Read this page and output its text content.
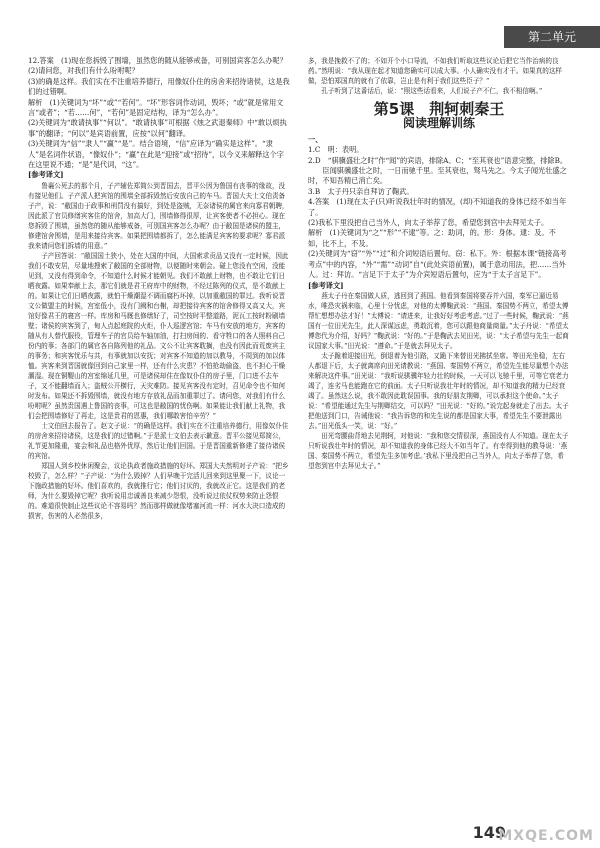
第二单元

12.答案　(1)现在您拆毁了围墙，虽然您的随从能够戒备，可别国宾客怎么办呢？

(2)请问您，对我们有什么吩咐呢？

(3)的确是这样。我们实在不注重培养德行，用像奴仆住的房舍来招待诸侯，这是我们的过错啊。

解析　(1)关键词为“坏”“或”“若何”。“坏”形容词作动词，毁坏；“或”就是常用文言“或者”；“若……何”，“若何”是固定结构，译为“怎么办”。

(2)关键词为“敢请执事”“何以”。“敢请执事”可根据《烛之武退秦师》中“敢以烦执事”的翻译；“何以”是宾语前置，应按“以何”翻译。

(3)关键词为“信”“隶人”“赢”“是”。结合语境，“信”应译为“确实是这样”。“隶人”是名词作状语，“像奴仆”；“赢”在此是“迎接”或“招待”，以今义来解释这个字在这里说不通；“是”是代词，“这”。

[参考译文]

鲁襄公死去的那个月，子产辅佐郑简公到晋国去，晋平公因为鲁国有丧事的缘故，没有接见他们。子产派人把宾馆的围墙全部拆毁然后安放自己的车马。晋国大夫士文伯责备子产，说：“敝国由于政事和刑罚没有搞好，到处是盗贼，无奈诸侯的属官来向寡君朝聘，因此派了官员修缮宾客住的馆舍，加高大门，围墙修得很厚，让宾客使者不必担心。现在您拆毁了围墙，虽然您的随从能够戒备，可别国宾客怎么办呢？由于敝国是诸侯的盟主，修建馆舍围墙，是用来接待宾客。如果把围墙都拆了，怎么能满足宾客的要求呢？寡君派我来请问您们拆墙的用意。”

子产回答说：“敝国国土狭小，处在大国的中间，大国索求贡品又没有一定时候，因此我们不敢安居，尽量地搜索了敝国的全部财物，以便随时来朝会。碰上您没有空闲，没能见到，又没有得到命令，不知道什么时候才能朝见。我们不敢献上财物，也不敢让它们日晒夜露。如果奉献上去，那它们就是君王府库中的财物，不经过陈列的仪式，是不敢献上的。如果让它们日晒夜露，就怕干燥潮湿不调而腐朽坏掉，以加重敝国的罪过。我听说晋文公做盟主的时候，宫室低小，没有门阙和台榭，却把接待宾客的馆舍修得又高又大，宾馆好像君王的寝宫一样。库房和马厩也修缮好了，司空按时平整道路，泥瓦工按时粉刷墙壁；诸侯的宾客到了，甸人点起庭院的火炬，仆人巡逻宫馆；车马有安放的地方，宾客的随从有人替代服役，管理车子的官员给车轴加油，打扫房间的、看守牲口的各人照料自己份内的事；各部门的属官各自陈列他的礼品。文公不让宾客耽搁，也没有因此而荒废宾主的事务；和宾客忧乐与共，有事就加以安抚；对宾客不知道的加以教导，不周到的加以体恤。宾客来到晋国就像回到自己家里一样，还有什么灾患？不怕抢劫偷盗，也不担心干燥潮湿。现在铜鞮山的宫室绵延几里，可是诸侯却住在像奴仆住的房子里，门口进不去车子，又不能翻墙而入；盗贼公开横行，天灾难防。接见宾客没有定时，召见命令也不知何时发布。如果还不拆毁围墙，就没有地方存放礼品而加重罪过了。请问您，对我们有什么吩咐呢？虽然贵国遇上鲁国的丧事，可这也是敝国的忧伤啊。如果能让我们献上礼物，我们会把围墙修好了再走，这是贵君的恩惠，我们哪敢害怕辛劳？”

士文伯回去报告了。赵文子说：“的确是这样。我们实在不注重培养德行，用像奴仆住的房舍来招待诸侯，这是我们的过错啊。”于是派士文伯去表示歉意。晋平公接见郑简公，礼节更加隆重，宴会和礼品也格外优厚，然后让他们回国。于是晋国重新修建了接待诸侯的宾馆。

郑国人到乡校休闲聚会，议论执政者施政措施的好坏。郑国大夫然明对子产说：“把乡校毁了，怎么样？”子产说：“为什么毁掉？人们早晚干完活儿回来到这里聚一下，议论一下施政措施的好坏。他们喜欢的，我就推行它；他们讨厌的，我就改正它。这是我们的老师，为什么要毁掉它呢？我听说用忠诚善良来减少怨恨，没听说过依仗权势来防止怨恨的。难道很快制止这些议论不容易吗？然而那样做就像堵塞河流一样：河水大决口造成的损害，伤害的人必然很多，

多，我是挽救不了的；不如开个小口导流，不如我们听取这些议论后把它当作治病的良药。”然明说：“我从现在起才知道您确实可以成大事。小人确实没有才干。如果真的这样做，恐怕郑国真的就有了依靠，岂止是有利于我们这些臣子？”

孔子听到了这番话后，说：“照这些话看来，人们说子产不仁，我不相信啊。”

第5课　荆轲刺秦王
阅读理解训练

一、

1.C　明：表明。

2.D　“骐骥盛壮之时”作“闻”的宾语，排除A、C；“至其衰也”语意完整，排除B。

臣闻骐骥盛壮之时，一日而驰千里。至其衰也，驽马先之。今太子闻光壮盛之时，不知吾精已消亡矣。

3.B　太子丹只亲自拜访了鞠武。

4.答案　(1)现在太子(只)听说我壮年时的情况，(却)不知道我的身体已经不如当年了。

(2)我私下里没把自己当外人，向太子举荐了您，希望您到宫中去拜见太子。

解析　(1)关键词为“之”“形”“不逮”等。之：助词，的。形：身体。逮：及。不如，比不上，不及。

(2)关键词为“窃”“外”“过”和介词短语后置句。窃：私下。外：根据本课“链接高考考点”中的内容，“外”“需”“动词”自“(此处宾语前置)，属于意动用法，把……当外人。过：拜访。“言足下于太子”为介宾短语后置句，应为“于太子言足下”。

[参考译文]

燕太子丹在秦国做人质，逃回到了燕国。他看到秦国将要吞并六国，秦军已逼近易水，唯恐灾祸来临，心里十分忧虑，对他的太傅鞠武说：“燕国、秦国势不两立，希望太傅帮忙想想办法才好！”太傅说：“请进来，让我好好考虑考虑。”过了一些时候，鞠武说：“燕国有一位田光先生，此人深谋远虑，勇敢沉着，您可以跟他商量商量。”太子丹说：“希望太傅您代为介绍，好吗？”鞠武说：“好的。”于是鞠武去见田光，说：“太子希望与先生一起商议国家大事。”田光说：“遵命。”于是就去拜见太子。

太子跪着迎接田光，倒退着为他引路，又跪下来替田光拂拭坐席。等田光坐稳，左右人都退下后，太子就离席向田光请教说：“燕国、秦国势不两立，希望先生能尽量想个办法来解决这件事。”田光说：“我听说骐骥年轻力壮的时候，一天可以飞驰千里，可等它衰老力竭了，连劣马也能跑在它的前面。太子只听说我壮年时的情况，却不知道我的精力已经衰竭了。虽然这么说，我不敢因此耽误国事。我的好朋友荆卿，可以承担这个使命。”太子说：“希望能通过先生与荆卿结交，可以吗？”田光说：“好的。”说完起身就走了出去。太子把他送到门口，告诫他说：“我告诉您的和先生说的都是国家大事，希望先生不要泄露出去。”田光低头一笑，说：“好。”

田光弯腰曲背地去见荆轲，对他说：“我和您交情很深，燕国没有人不知道。现在太子只听说我壮年时的情况，却不知道我的身体已经大不如当年了。有幸得到他的教导说：‘燕国、秦国势不两立，希望先生多加考虑。’我私下里没把自己当外人，向太子举荐了您，希望您到宫中去拜见太子。”

149
MXQE.COM
